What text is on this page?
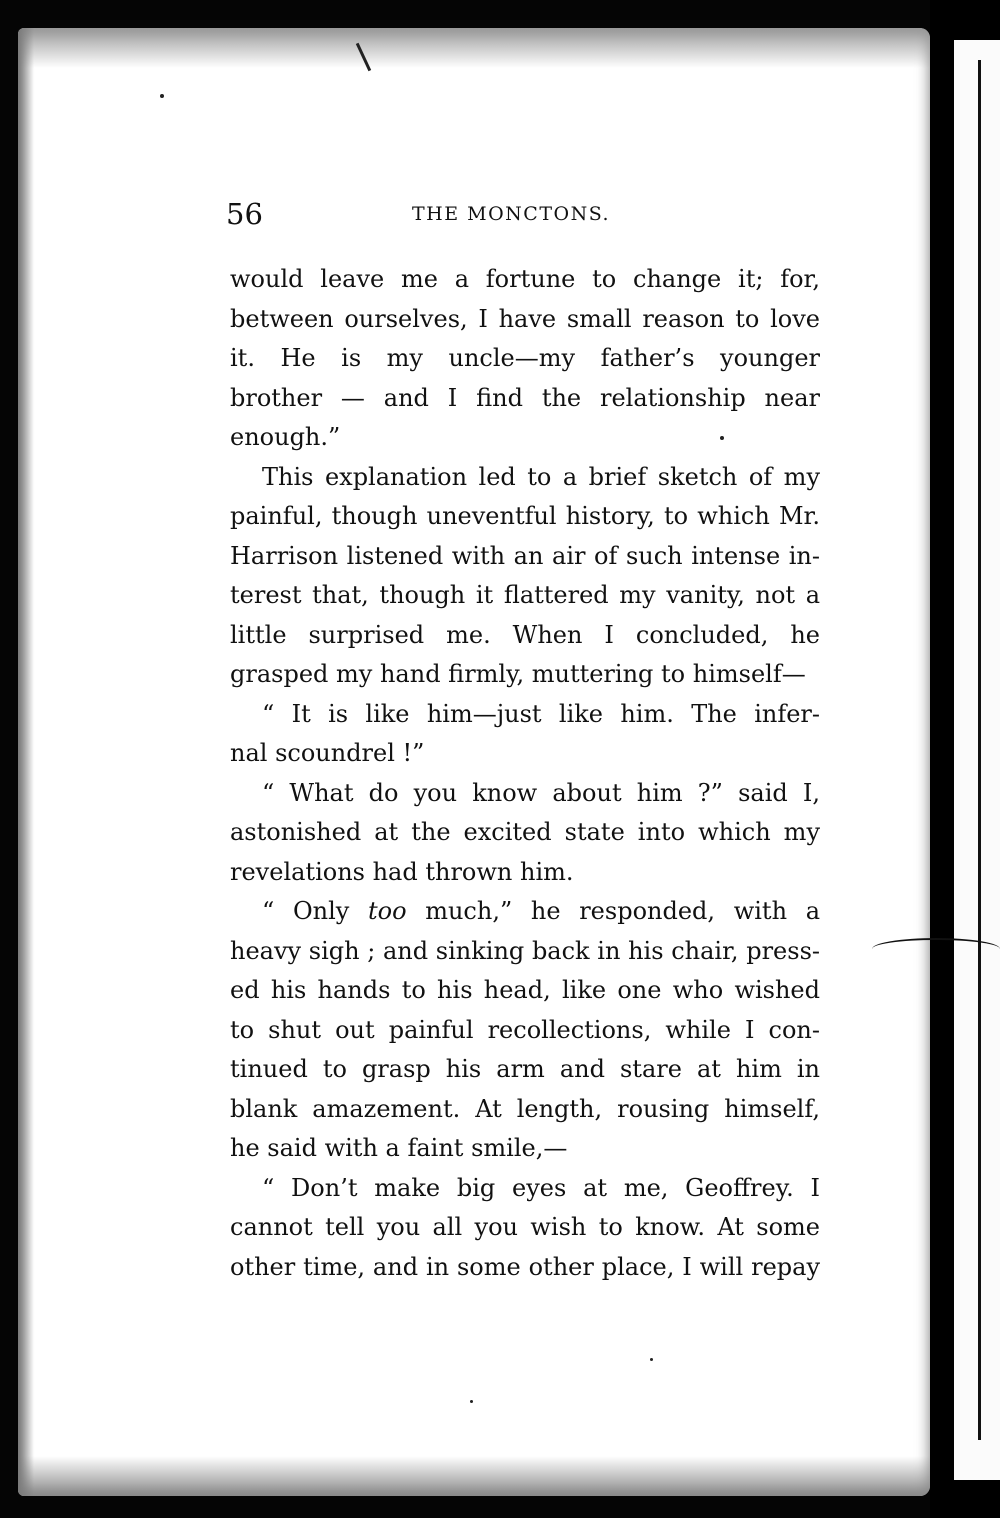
56	THE MONCTONS.
would leave me a fortune to change it; for,
between ourselves, I have small reason to love
it. He is my uncle—my father’s younger
brother — and I find the relationship near
enough.”
This explanation led to a brief sketch of my
painful, though uneventful history, to which Mr.
Harrison listened with an air of such intense in-
terest that, though it flattered my vanity, not a
little surprised me. When I concluded, he
grasped my hand firmly, muttering to himself—
“ It is like him—just like him. The infer-
nal scoundrel !”
“ What do you know about him ?” said I,
astonished at the excited state into which my
revelations had thrown him.
“ Only too much,” he responded, with a
heavy sigh ; and sinking back in his chair, press-
ed his hands to his head, like one who wished
to shut out painful recollections, while I con-
tinued to grasp his arm and stare at him in
blank amazement. At length, rousing himself,
he said with a faint smile,—
“ Don’t make big eyes at me, Geoffrey. I
cannot tell you all you wish to know. At some
other time, and in some other place, I will repay
